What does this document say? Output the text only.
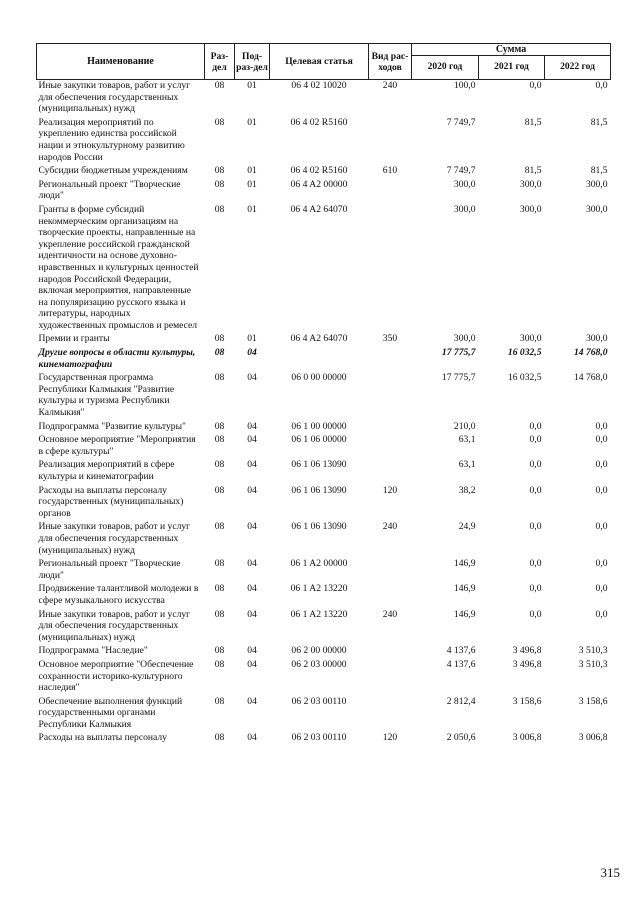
Наименование	Раз-дел	Под-раз-дел	Целевая статья	Вид рас-ходов	Сумма		
					2020 год	2021 год	2022 год
Иные закупки товаров, работ и услуг для обеспечения государственных (муниципальных) нужд	08	01	06 4 02 10020	240	100,0	0,0	0,0
Реализация мероприятий по укреплению единства российской нации и этнокультурному развитию народов России	08	01	06 4 02 R5160		7 749,7	81,5	81,5
Субсидии бюджетным учреждениям	08	01	06 4 02 R5160	610	7 749,7	81,5	81,5
Региональный проект "Творческие люди"	08	01	06 4 A2 00000		300,0	300,0	300,0
Гранты в форме субсидий некоммерческим организациям на творческие проекты, направленные на укрепление российской гражданской идентичности на основе духовно-нравственных и культурных ценностей народов Российской Федерации, включая мероприятия, направленные на популяризацию русского языка и литературы, народных художественных промыслов и ремесел	08	01	06 4 A2 64070		300,0	300,0	300,0
Премии и гранты	08	01	06 4 A2 64070	350	300,0	300,0	300,0
Другие вопросы в области культуры, кинематографии	08	04			17 775,7	16 032,5	14 768,0
Государственная программа Республики Калмыкия "Развитие культуры и туризма Республики Калмыкия"	08	04	06 0 00 00000		17 775,7	16 032,5	14 768,0
Подпрограмма "Развитие культуры"	08	04	06 1 00 00000		210,0	0,0	0,0
Основное мероприятие "Мероприятия в сфере культуры"	08	04	06 1 06 00000		63,1	0,0	0,0
Реализация мероприятий в сфере культуры и кинематографии	08	04	06 1 06 13090		63,1	0,0	0,0
Расходы на выплаты персоналу государственных (муниципальных) органов	08	04	06 1 06 13090	120	38,2	0,0	0,0
Иные закупки товаров, работ и услуг для обеспечения государственных (муниципальных) нужд	08	04	06 1 06 13090	240	24,9	0,0	0,0
Региональный проект "Творческие люди"	08	04	06 1 A2 00000		146,9	0,0	0,0
Продвижение талантливой молодежи в сфере музыкального искусства	08	04	06 1 A2 13220		146,9	0,0	0,0
Иные закупки товаров, работ и услуг для обеспечения государственных (муниципальных) нужд	08	04	06 1 A2 13220	240	146,9	0,0	0,0
Подпрограмма "Наследие"	08	04	06 2 00 00000		4 137,6	3 496,8	3 510,3
Основное мероприятие "Обеспечение сохранности историко-культурного наследия"	08	04	06 2 03 00000		4 137,6	3 496,8	3 510,3
Обеспечение выполнения функций государственными органами Республики Калмыкия	08	04	06 2 03 00110		2 812,4	3 158,6	3 158,6
Расходы на выплаты персоналу	08	04	06 2 03 00110	120	2 050,6	3 006,8	3 006,8
315
